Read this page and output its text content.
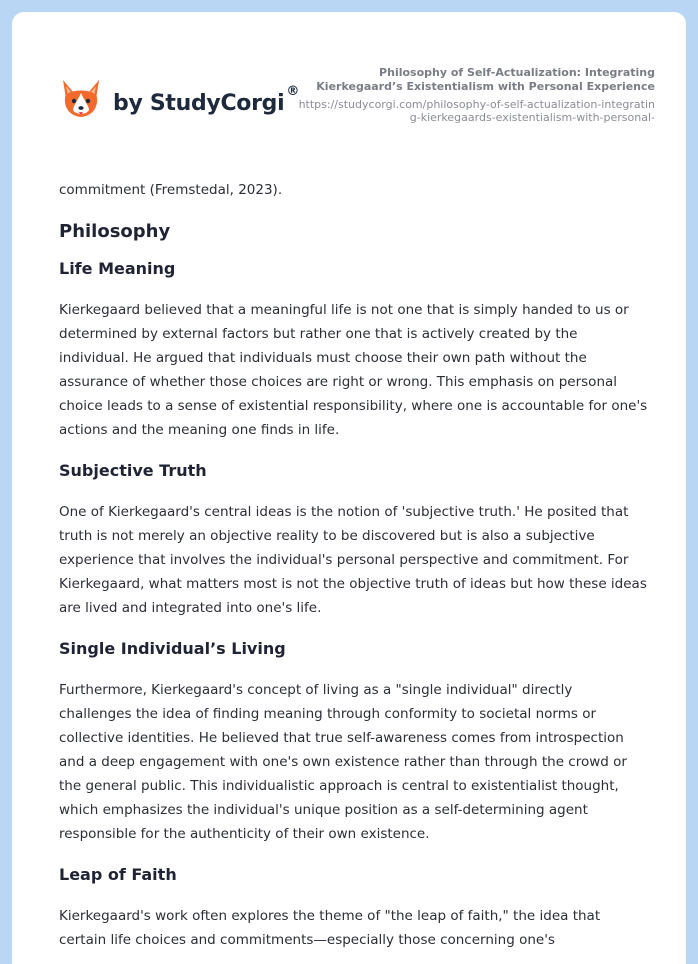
by StudyCorgi ®

Philosophy of Self-Actualization: Integrating Kierkegaard’s Existentialism with Personal Experience

https://studycorgi.com/philosophy-of-self-actualization-integrating-kierkegaards-existentialism-with-personal-

commitment (Fremstedal, 2023).

Philosophy
Life Meaning

Kierkegaard believed that a meaningful life is not one that is simply handed to us or determined by external factors but rather one that is actively created by the individual. He argued that individuals must choose their own path without the assurance of whether those choices are right or wrong. This emphasis on personal choice leads to a sense of existential responsibility, where one is accountable for one's actions and the meaning one finds in life.

Subjective Truth

One of Kierkegaard's central ideas is the notion of 'subjective truth.' He posited that truth is not merely an objective reality to be discovered but is also a subjective experience that involves the individual's personal perspective and commitment. For Kierkegaard, what matters most is not the objective truth of ideas but how these ideas are lived and integrated into one's life.

Single Individual’s Living

Furthermore, Kierkegaard's concept of living as a "single individual" directly challenges the idea of finding meaning through conformity to societal norms or collective identities. He believed that true self-awareness comes from introspection and a deep engagement with one's own existence rather than through the crowd or the general public. This individualistic approach is central to existentialist thought, which emphasizes the individual's unique position as a self-determining agent responsible for the authenticity of their own existence.

Leap of Faith

Kierkegaard's work often explores the theme of "the leap of faith," the idea that certain life choices and commitments—especially those concerning one's
